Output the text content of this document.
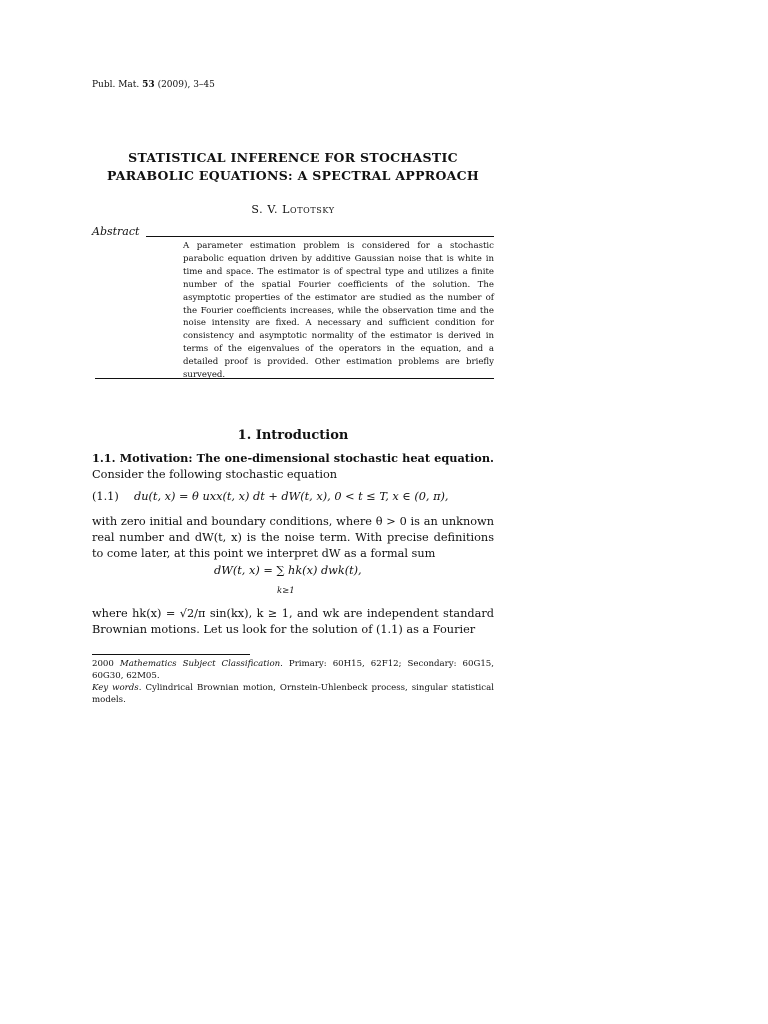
Publ. Mat. 53 (2009), 3–45
STATISTICAL INFERENCE FOR STOCHASTIC
PARABOLIC EQUATIONS: A SPECTRAL APPROACH
S. V. Lototsky
Abstract
A parameter estimation problem is considered for a stochastic parabolic equation driven by additive Gaussian noise that is white in time and space. The estimator is of spectral type and utilizes a finite number of the spatial Fourier coefficients of the solution. The asymptotic properties of the estimator are studied as the number of the Fourier coefficients increases, while the observation time and the noise intensity are fixed. A necessary and sufficient condition for consistency and asymptotic normality of the estimator is derived in terms of the eigenvalues of the operators in the equation, and a detailed proof is provided. Other estimation problems are briefly surveyed.
1. Introduction
1.1. Motivation: The one-dimensional stochastic heat equation. Consider the following stochastic equation
(1.1) du(t, x) = θ uxx(t, x) dt + dW(t, x), 0 < t ≤ T, x ∈ (0, π),
with zero initial and boundary conditions, where θ > 0 is an unknown real number and dW(t, x) is the noise term. With precise definitions to come later, at this point we interpret dW as a formal sum
dW(t, x) = ∑ hk(x) dwk(t),
k≥1
where hk(x) = √2/π sin(kx), k ≥ 1, and wk are independent standard Brownian motions. Let us look for the solution of (1.1) as a Fourier
2000 Mathematics Subject Classification. Primary: 60H15, 62F12; Secondary: 60G15, 60G30, 62M05.
Key words. Cylindrical Brownian motion, Ornstein-Uhlenbeck process, singular statistical models.
